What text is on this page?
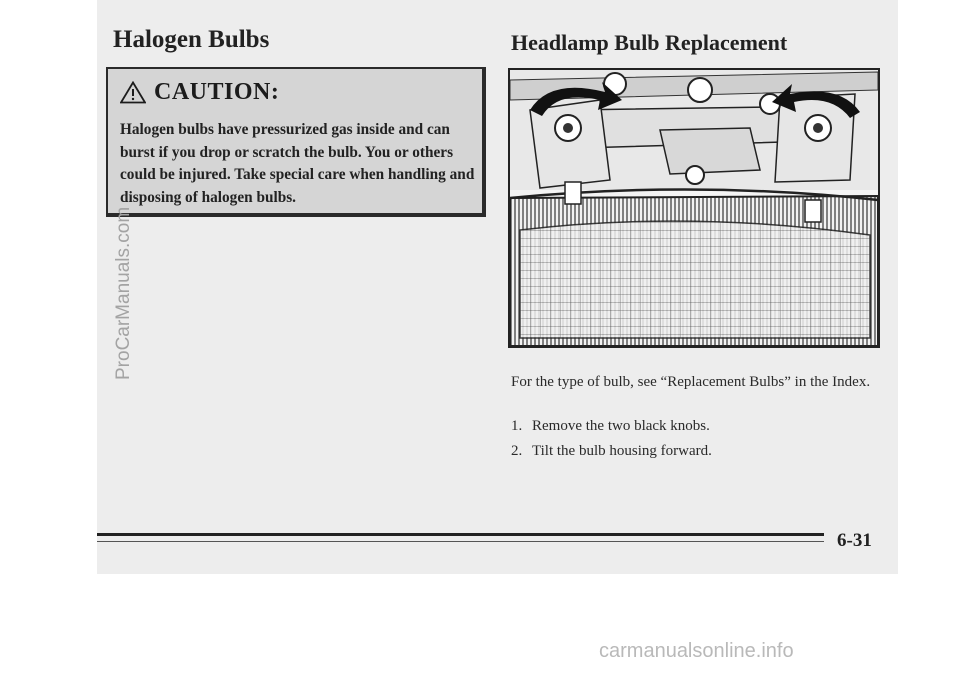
Halogen Bulbs
CAUTION:
Halogen bulbs have pressurized gas inside and can burst if you drop or scratch the bulb. You or others could be injured. Take special care when handling and disposing of halogen bulbs.
ProCarManuals.com
Headlamp Bulb Replacement
For the type of bulb, see “Replacement Bulbs” in the Index.
1. Remove the two black knobs.
2. Tilt the bulb housing forward.
6-31
carmanualsonline.info
